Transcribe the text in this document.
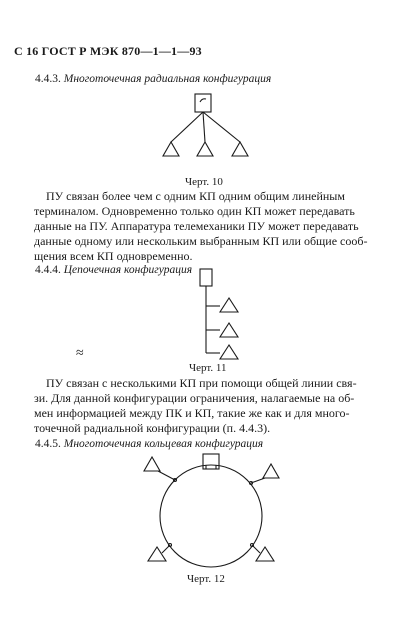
С 16 ГОСТ Р МЭК 870—1—1—93
4.4.3. Многоточечная радиальная конфигурация
Черт. 10
ПУ связан более чем с одним КП одним общим линейным
терминалом. Одновременно только один КП может передавать
данные на ПУ. Аппаратура телемеханики ПУ может передавать
данные одному или нескольким выбранным КП или общие сооб-
щения всем КП одновременно.
4.4.4. Цепочечная конфигурация
≈
Черт. 11
ПУ связан с несколькими КП при помощи общей линии свя-
зи. Для данной конфигурации ограничения, налагаемые на об-
мен информацией между ПК и КП, такие же как и для много-
точечной радиальной конфигурации (п. 4.4.3).
4.4.5. Многоточечная кольцевая конфигурация
Черт. 12
